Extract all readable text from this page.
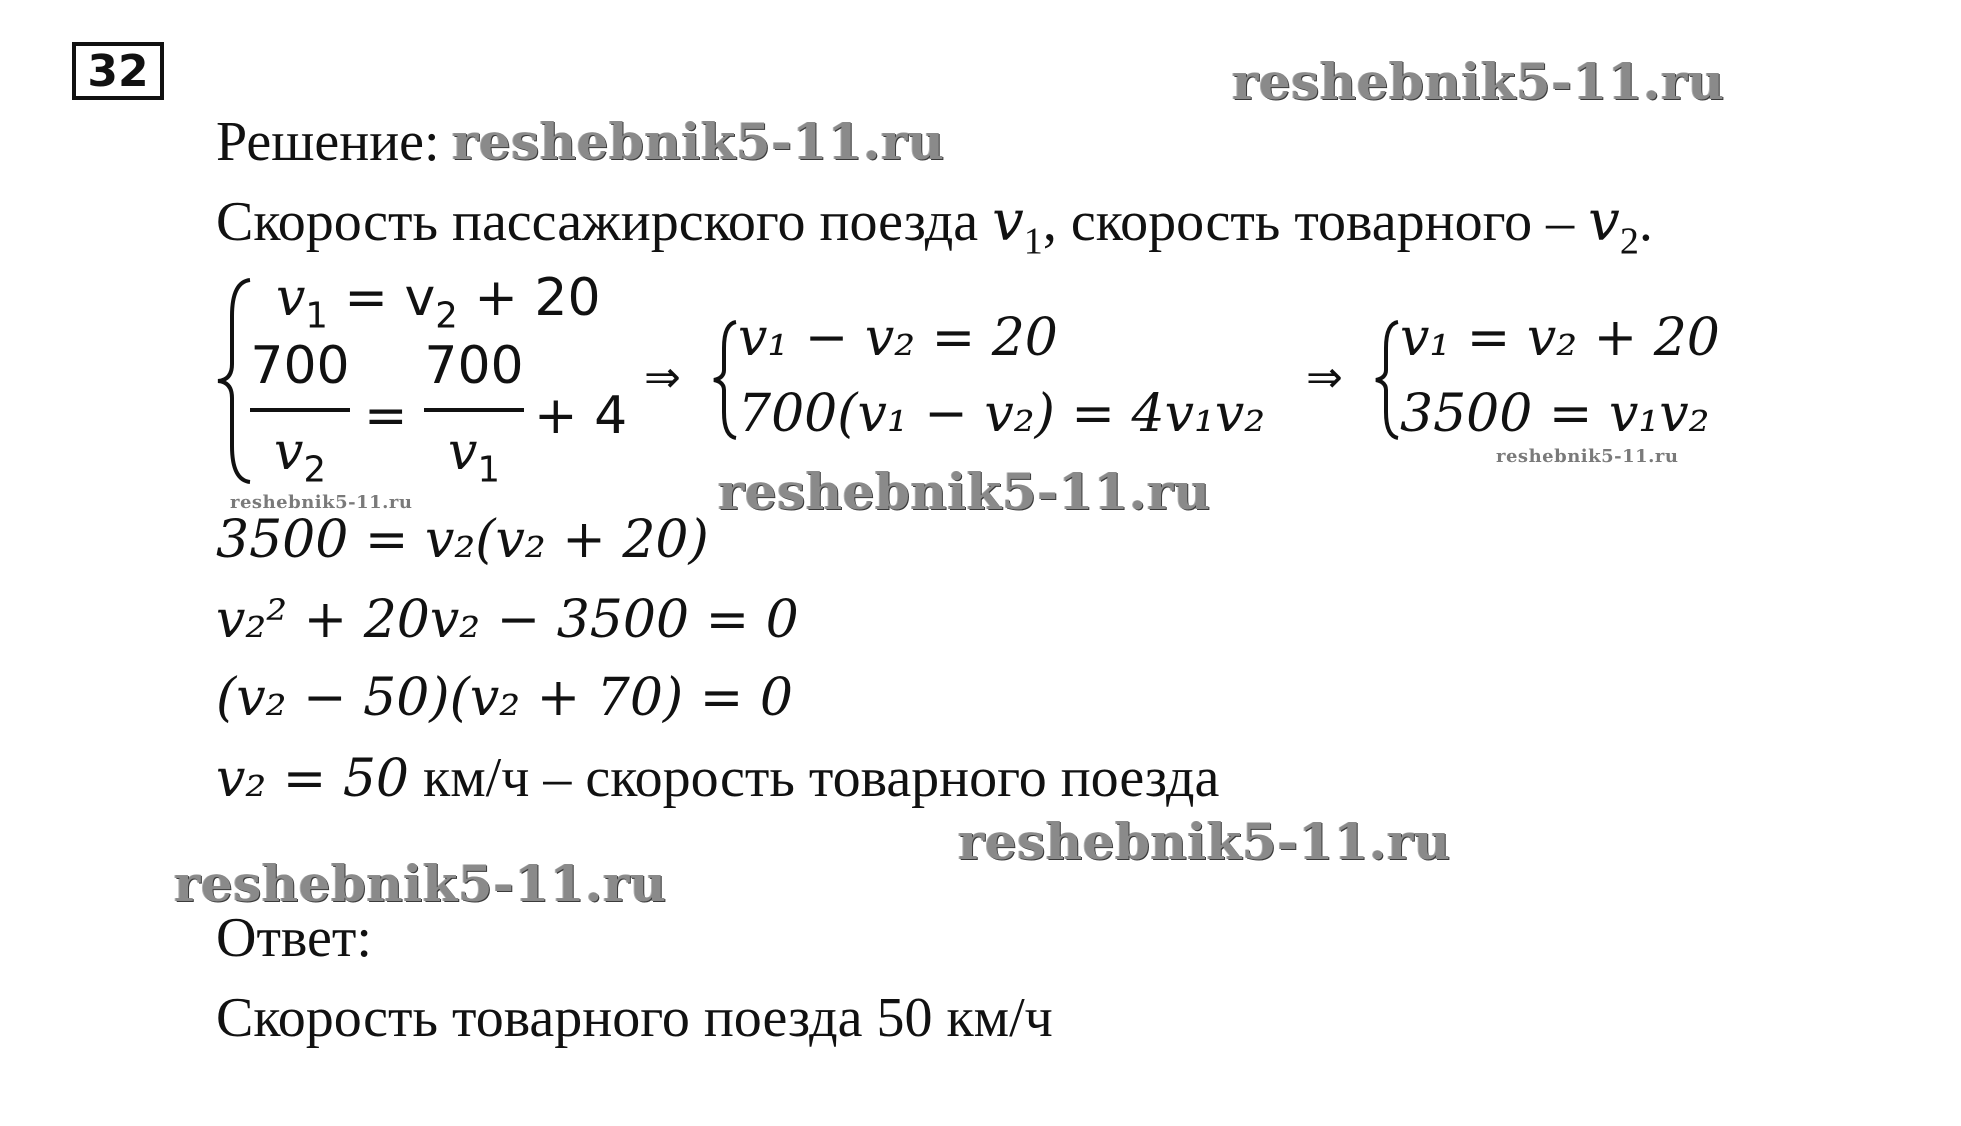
32	reshebnik5-11.ru
reshebnik5-11.ru
reshebnik5-11.ru
reshebnik5-11.ru
reshebnik5-11.ru
reshebnik5-11.ru
reshebnik5-11.ru
Решение:
Скорость пассажирского поезда $v_1$, скорость товарного – $v_2$.
$v_1 = v_2 + 20$
700
$v_2$
=
700
$v_1$
+ 4
⇒
v₁ − v₂ = 20
700(v₁ − v₂) = 4v₁v₂
⇒
v₁ = v₂ + 20
3500 = v₁v₂
3500 = v₂(v₂ + 20)
v₂² + 20v₂ − 3500 = 0
(v₂ − 50)(v₂ + 70) = 0
v₂ = 50 км/ч – скорость товарного поезда
Ответ:
Скорость товарного поезда 50 км/ч
